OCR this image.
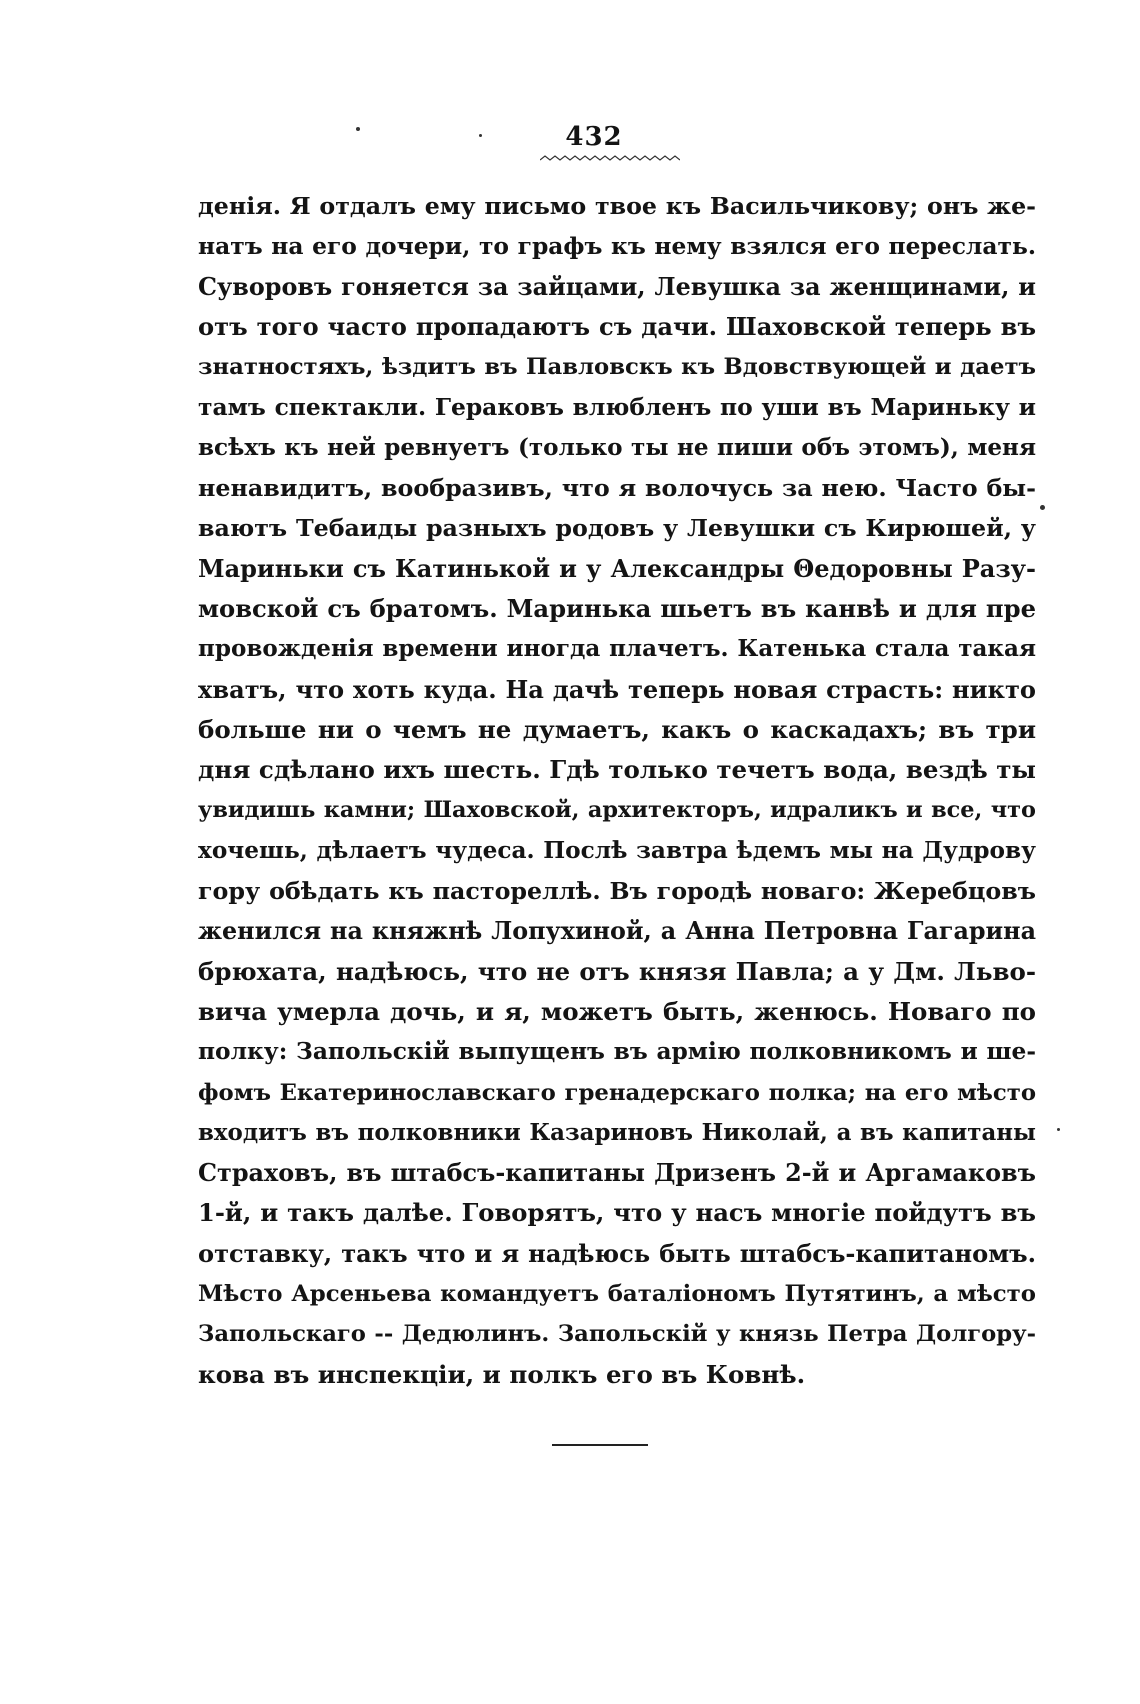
432
денія. Я отдалъ ему письмо твое къ Васильчикову; онъ же-
натъ на его дочери, то графъ къ нему взялся его переслать.
Суворовъ гоняется за зайцами, Левушка за женщинами, и
отъ того часто пропадаютъ съ дачи. Шаховской теперь въ
знатностяхъ, ѣздитъ въ Павловскъ къ Вдовствующей и даетъ
тамъ спектакли. Гераковъ влюбленъ по уши въ Мариньку и
всѣхъ къ ней ревнуетъ (только ты не пиши объ этомъ), меня
ненавидитъ, вообразивъ, что я волочусь за нею. Часто бы-
ваютъ Тебаиды разныхъ родовъ у Левушки съ Кирюшей, у
Мариньки съ Катинькой и у Александры Θедоровны Разу-
мовской съ братомъ. Маринька шьетъ въ канвѣ и для пре
провожденія времени иногда плачетъ. Катенька стала такая
хватъ, что хоть куда. На дачѣ теперь новая страсть: никто
больше ни о чемъ не думаетъ, какъ о каскадахъ; въ три
дня сдѣлано ихъ шесть. Гдѣ только течетъ вода, вездѣ ты
увидишь камни; Шаховской, архитекторъ, идраликъ и все, что
хочешь, дѣлаетъ чудеса. Послѣ завтра ѣдемъ мы на Дудрову
гору обѣдать къ пастореллѣ. Въ городѣ новаго: Жеребцовъ
женился на княжнѣ Лопухиной, а Анна Петровна Гагарина
брюхата, надѣюсь, что не отъ князя Павла; а у Дм. Льво-
вича умерла дочь, и я, можетъ быть, женюсь. Новаго по
полку: Запольскій выпущенъ въ армію полковникомъ и ше-
фомъ Екатеринославскаго гренадерскаго полка; на его мѣсто
входитъ въ полковники Казариновъ Николай, а въ капитаны
Страховъ, въ штабсъ-капитаны Дризенъ 2-й и Аргамаковъ
1-й, и такъ далѣе. Говорятъ, что у насъ многіе пойдутъ въ
отставку, такъ что и я надѣюсь быть штабсъ-капитаномъ.
Мѣсто Арсеньева командуетъ баталіономъ Путятинъ, а мѣсто
Запольскаго -- Дедюлинъ. Запольскій у князь Петра Долгору-
кова въ инспекціи, и полкъ его въ Ковнѣ.
